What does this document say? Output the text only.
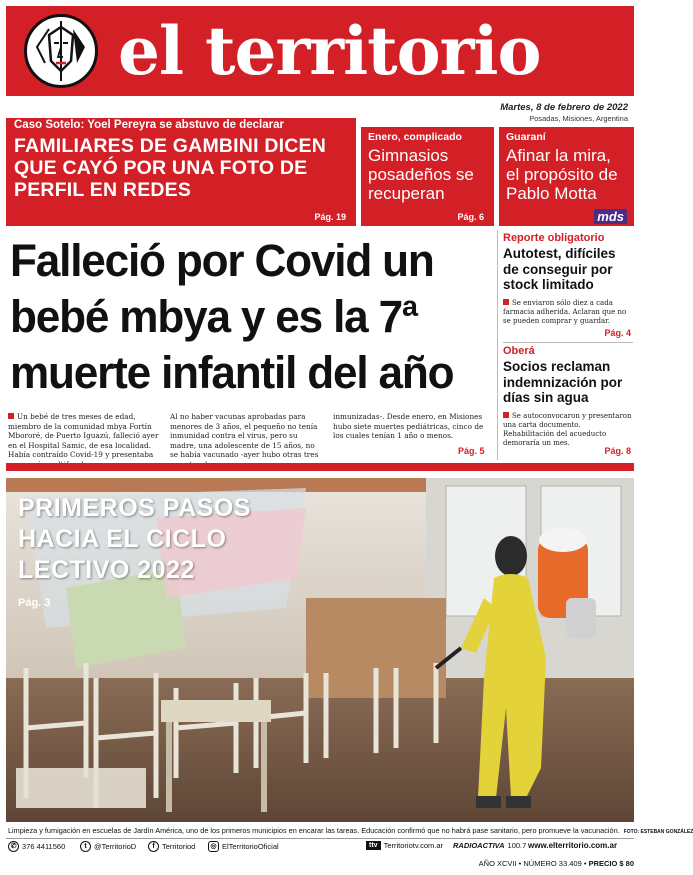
el territorio
Martes, 8 de febrero de 2022
Posadas, Misiones, Argentina
Caso Sotelo: Yoel Pereyra se abstuvo de declarar
FAMILIARES DE GAMBINI DICEN QUE CAYÓ POR UNA FOTO DE PERFIL EN REDES
Pág. 19
Enero, complicado
Gimnasios posadeños se recuperan
Pág. 6
Guaraní
Afinar la mira, el propósito de Pablo Motta
mds
Falleció por Covid un bebé mbya y es la 7ª muerte infantil del año
Un bebé de tres meses de edad, miembro de la comunidad mbya Fortín Mbororé, de Puerto Iguazú, falleció ayer en el Hospital Samic, de esa localidad. Había contraído Covid-19 y presentaba
Al no haber vacunas aprobadas para menores de 3 años, el pequeño no tenía inmunidad contra el virus, pero su madre, una adolescente de 15 años, no se había vacunado -ayer hubo otras tres
inmunizadas-. Desde enero, en Misiones hubo siete muertes pediátricas, cinco de los cuales tenían 1 año o menos.
Pág. 5
Reporte obligatorio
Autotest, difíciles de conseguir por stock limitado
Se enviaron sólo diez a cada farmacia adherida. Aclaran que no se pueden comprar y guardar.
Pág. 4
Oberá
Socios reclaman indemnización por días sin agua
Se autoconvocaron y presentaron una carta documento. Rehabilitación del acueducto demoraría un mes.
Pág. 8
PRIMEROS PASOS HACIA EL CICLO LECTIVO 2022
Pág. 3
Limpieza y fumigación en escuelas de Jardín América, uno de los primeros municipios en encarar las tareas. Educación confirmó que no habrá pase sanitario, pero promueve la vacunación. FOTO: ESTEBAN GONZÁLEZ
✆ 376 4411560	t @TerritorioD	f Territoriod	◎ ElTerritorioOficial	ttv Territoriotv.com.ar RADIOACTIVA 100.7 www.elterritorio.com.ar
AÑO XCVII • NÚMERO 33.409 • PRECIO $ 80
